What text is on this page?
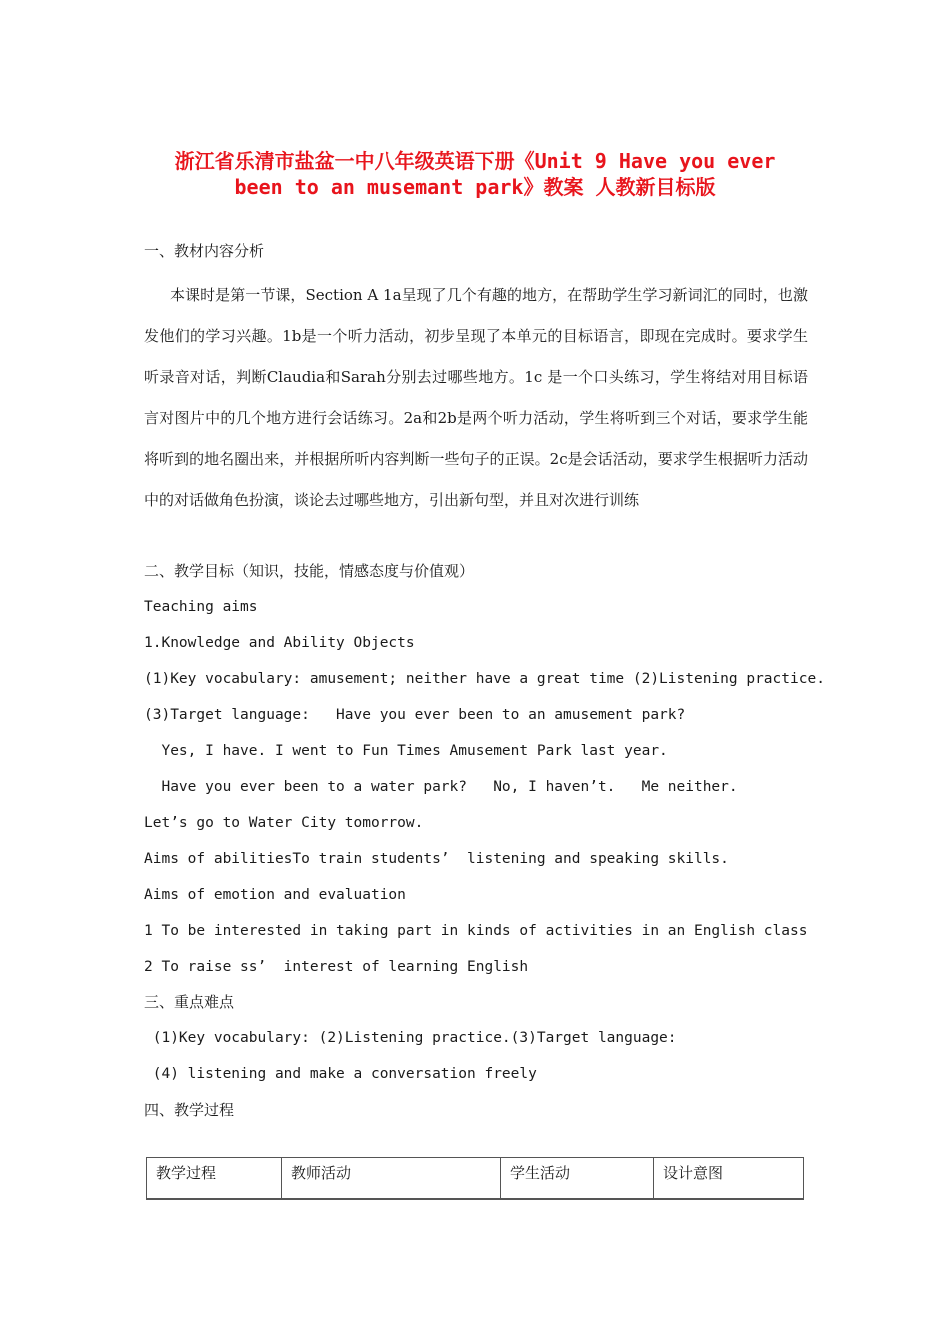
浙江省乐清市盐盆一中八年级英语下册《Unit 9 Have you ever
been to an musemant park》教案 人教新目标版
一、教材内容分析
本课时是第一节课，Section A 1a呈现了几个有趣的地方，在帮助学生学习新词汇的同时，也激发他们的学习兴趣。1b是一个听力活动，初步呈现了本单元的目标语言，即现在完成时。要求学生听录音对话，判断Claudia和Sarah分别去过哪些地方。1c 是一个口头练习，学生将结对用目标语言对图片中的几个地方进行会话练习。2a和2b是两个听力活动，学生将听到三个对话，要求学生能将听到的地名圈出来，并根据所听内容判断一些句子的正误。2c是会话活动，要求学生根据听力活动中的对话做角色扮演，谈论去过哪些地方，引出新句型，并且对次进行训练
二、教学目标（知识，技能，情感态度与价值观）
Teaching aims
1.Knowledge and Ability Objects
(1)Key vocabulary: amusement; neither have a great time (2)Listening practice.
(3)Target language:   Have you ever been to an amusement park?
Yes, I have. I went to Fun Times Amusement Park last year.
Have you ever been to a water park?   No, I haven’t.   Me neither.
Let’s go to Water City tomorrow.
Aims of abilitiesTo train students’  listening and speaking skills.
Aims of emotion and evaluation
1 To be interested in taking part in kinds of activities in an English class
2 To raise ss’  interest of learning English
三、重点难点
(1)Key vocabulary: (2)Listening practice.(3)Target language:
(4) listening and make a conversation freely
四、教学过程
教学过程	教师活动	学生活动	设计意图
